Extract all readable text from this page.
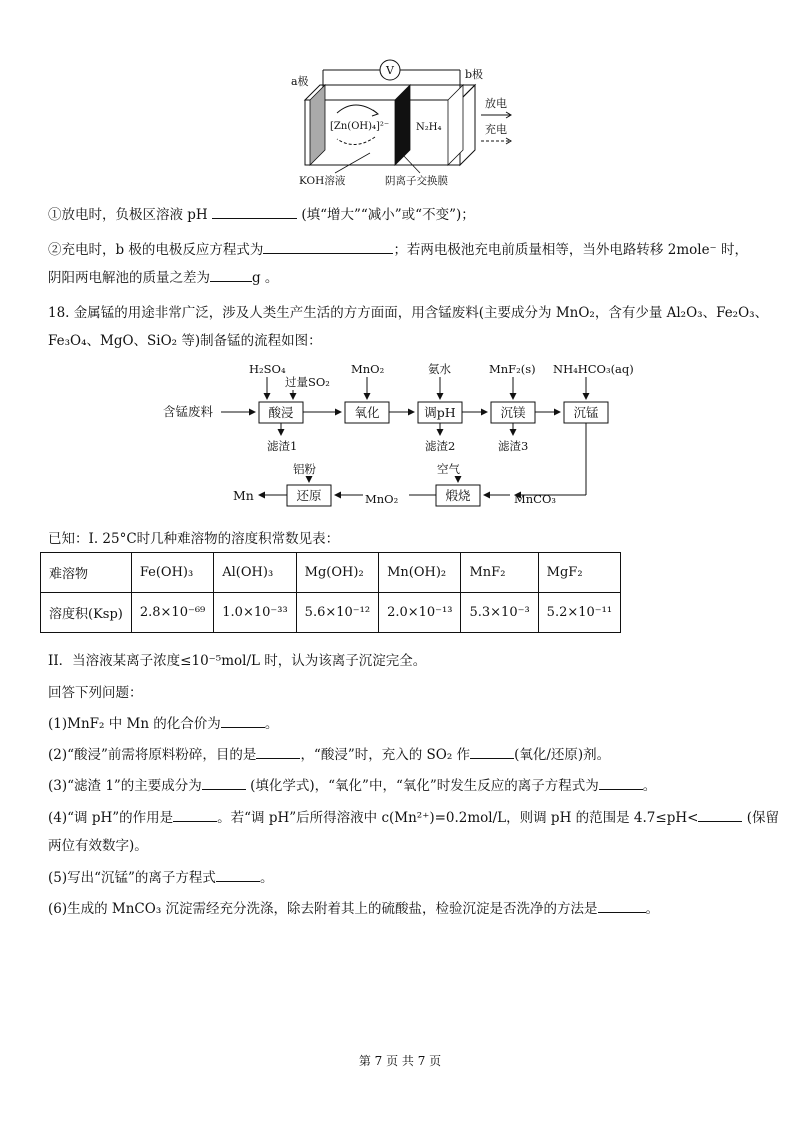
V
a极
b极
[Zn(OH)₄]²⁻	N₂H₄
放电
充电
KOH溶液	阴离子交换膜
①放电时，负极区溶液 pH	(填“增大”“减小”或“不变”)；
②充电时，b 极的电极反应方程式为	；若两电极池充电前质量相等，当外电路转移 2mole⁻ 时，
阴阳两电解池的质量之差为	g 。
18. 金属锰的用途非常广泛，涉及人类生产生活的方方面面，用含锰废料(主要成分为 MnO₂，含有少量 Al₂O₃、Fe₂O₃、
Fe₃O₄、MgO、SiO₂ 等)制备锰的流程如图：
含锰废料	酸浸	氧化	调pH	沉镁	沉锰
H₂SO₄
过量SO₂
MnO₂	氨水	MnF₂(s) NH₄HCO₃(aq)
滤渣1	滤渣2	滤渣3
MnCO₃
煅烧
空气
MnO₂
还原
铝粉
Mn
已知：I. 25°C时几种难溶物的溶度积常数见表：
难溶物	Fe(OH)₃	Al(OH)₃	Mg(OH)₂	Mn(OH)₂	MnF₂	MgF₂
溶度积(Ksp)	2.8×10⁻⁶⁹	1.0×10⁻³³	5.6×10⁻¹²	2.0×10⁻¹³	5.3×10⁻³	5.2×10⁻¹¹
II．当溶液某离子浓度≤10⁻⁵mol/L 时，认为该离子沉淀完全。
回答下列问题：
(1)MnF₂ 中 Mn 的化合价为	。
(2)“酸浸”前需将原料粉碎，目的是	，“酸浸”时，充入的 SO₂ 作	(氧化/还原)剂。
(3)“滤渣 1”的主要成分为	(填化学式)，“氧化”中，“氧化”时发生反应的离子方程式为	。
(4)“调 pH”的作用是	。若“调 pH”后所得溶液中 c(Mn²⁺)=0.2mol/L，则调 pH 的范围是 4.7≤pH<	(保留
两位有效数字)。
(5)写出“沉锰”的离子方程式	。
(6)生成的 MnCO₃ 沉淀需经充分洗涤，除去附着其上的硫酸盐，检验沉淀是否洗净的方法是	。
第 7 页 共 7 页
